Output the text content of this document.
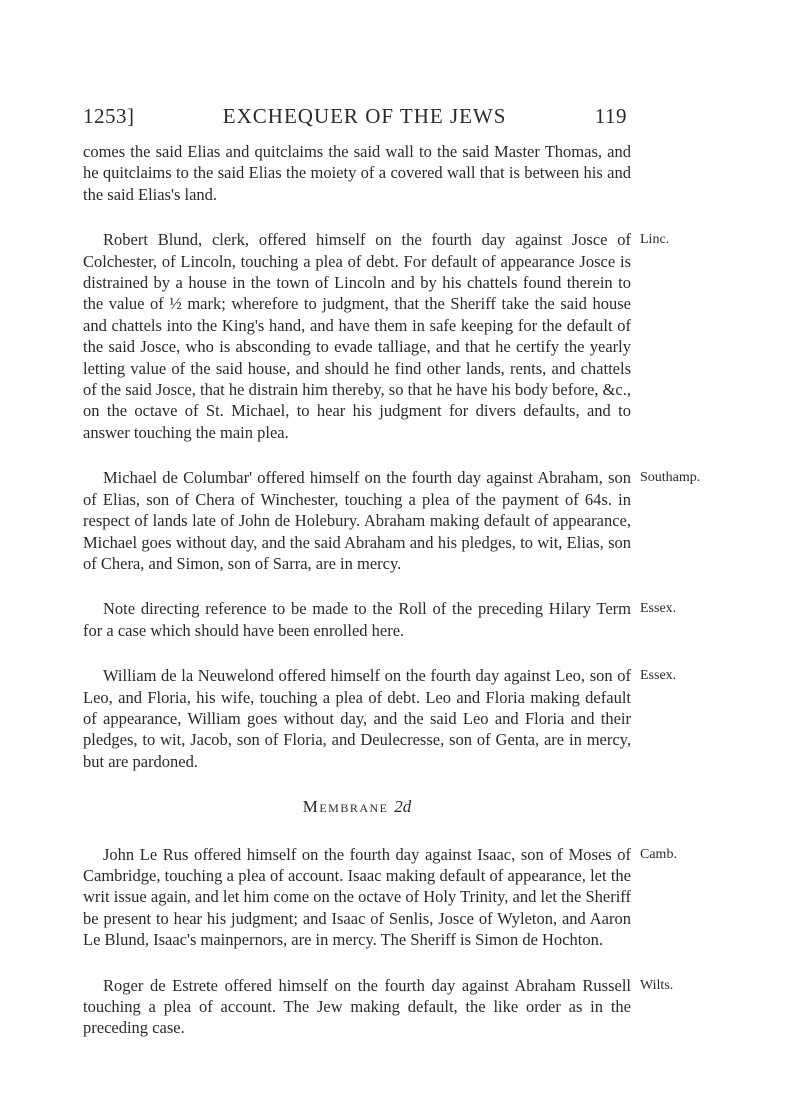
1253]	EXCHEQUER OF THE JEWS	119

comes the said Elias and quitclaims the said wall to the said Master Thomas, and he quitclaims to the said Elias the moiety of a covered wall that is between his and the said Elias's land.

Robert Blund, clerk, offered himself on the fourth day against Josce of Colchester, of Lincoln, touching a plea of debt. For default of appearance Josce is distrained by a house in the town of Lincoln and by his chattels found therein to the value of ½ mark; wherefore to judgment, that the Sheriff take the said house and chattels into the King's hand, and have them in safe keeping for the default of the said Josce, who is absconding to evade talliage, and that he certify the yearly letting value of the said house, and should he find other lands, rents, and chattels of the said Josce, that he distrain him thereby, so that he have his body before, &c., on the octave of St. Michael, to hear his judgment for divers defaults, and to answer touching the main plea.
Linc.

Michael de Columbar' offered himself on the fourth day against Abraham, son of Elias, son of Chera of Winchester, touching a plea of the payment of 64s. in respect of lands late of John de Holebury. Abraham making default of appearance, Michael goes without day, and the said Abraham and his pledges, to wit, Elias, son of Chera, and Simon, son of Sarra, are in mercy.
Southamp.

Note directing reference to be made to the Roll of the preceding Hilary Term for a case which should have been enrolled here.
Essex.

William de la Neuwelond offered himself on the fourth day against Leo, son of Leo, and Floria, his wife, touching a plea of debt. Leo and Floria making default of appearance, William goes without day, and the said Leo and Floria and their pledges, to wit, Jacob, son of Floria, and Deulecresse, son of Genta, are in mercy, but are pardoned.
Essex.

Membrane 2d

John Le Rus offered himself on the fourth day against Isaac, son of Moses of Cambridge, touching a plea of account. Isaac making default of appearance, let the writ issue again, and let him come on the octave of Holy Trinity, and let the Sheriff be present to hear his judgment; and Isaac of Senlis, Josce of Wyleton, and Aaron Le Blund, Isaac's mainpernors, are in mercy. The Sheriff is Simon de Hochton.
Camb.

Roger de Estrete offered himself on the fourth day against Abraham Russell touching a plea of account. The Jew making default, the like order as in the preceding case.
Wilts.
